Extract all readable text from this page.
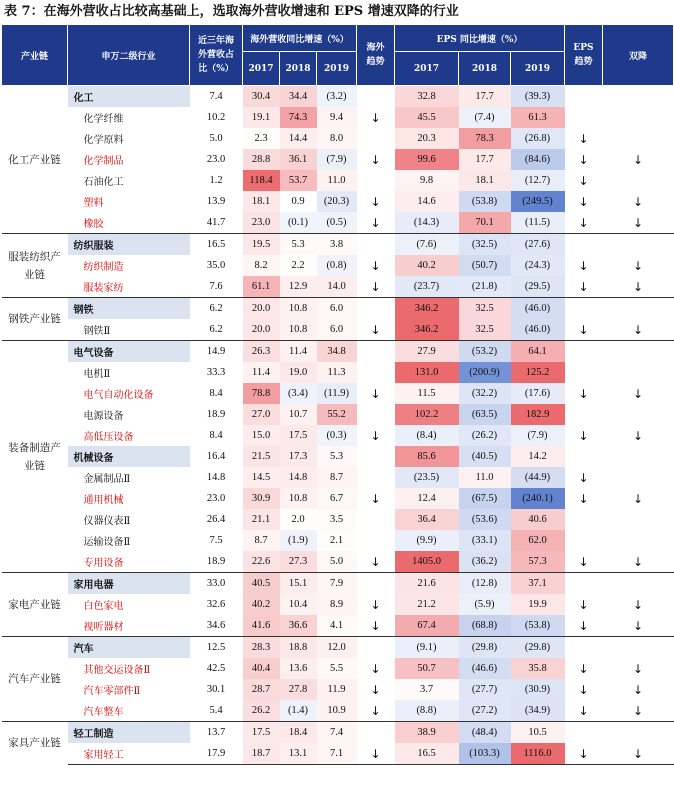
表 7：在海外营收占比较高基础上，选取海外营收增速和 EPS 增速双降的行业
产业链	申万二级行业	近三年海外营收占比（%）	海外营收同比增速（%）			海外趋势	EPS 同比增速（%）			EPS 趋势	双降
			2017	2018	2019		2017	2018	2019		
化工产业链	化工	7.4	30.4	34.4	(3.2)		32.8	17.7	(39.3)		
	化学纤维	10.2	19.1	74.3	9.4	↓	45.5	(7.4)	61.3		
	化学原料	5.0	2.3	14.4	8.0		20.3	78.3	(26.8)	↓	
	化学制品	23.0	28.8	36.1	(7.9)	↓	99.6	17.7	(84.6)	↓	↓
	石油化工	1.2	118.4	53.7	11.0		9.8	18.1	(12.7)	↓	
	塑料	13.9	18.1	0.9	(20.3)	↓	14.6	(53.8)	(249.5)	↓	↓
	橡胶	41.7	23.0	(0.1)	(0.5)	↓	(14.3)	70.1	(11.5)	↓	↓
服装纺织产业链	纺织服装	16.5	19.5	5.3	3.8		(7.6)	(32.5)	(27.6)		
	纺织制造	35.0	8.2	2.2	(0.8)	↓	40.2	(50.7)	(24.3)	↓	↓
	服装家纺	7.6	61.1	12.9	14.0	↓	(23.7)	(21.8)	(29.5)	↓	↓
钢铁产业链	钢铁	6.2	20.0	10.8	6.0		346.2	32.5	(46.0)		
	钢铁Ⅱ	6.2	20.0	10.8	6.0	↓	346.2	32.5	(46.0)	↓	↓
装备制造产业链	电气设备	14.9	26.3	11.4	34.8		27.9	(53.2)	64.1		
	电机Ⅱ	33.3	11.4	19.0	11.3		131.0	(200.9)	125.2		
	电气自动化设备	8.4	78.8	(3.4)	(11.9)	↓	11.5	(32.2)	(17.6)	↓	↓
	电源设备	18.9	27.0	10.7	55.2		102.2	(63.5)	182.9		
	高低压设备	8.4	15.0	17.5	(0.3)	↓	(8.4)	(26.2)	(7.9)	↓	↓
	机械设备	16.4	21.5	17.3	5.3		85.6	(40.5)	14.2		
	金属制品Ⅱ	14.8	14.5	14.8	8.7		(23.5)	11.0	(44.9)	↓	
	通用机械	23.0	30.9	10.8	6.7	↓	12.4	(67.5)	(240.1)	↓	↓
	仪器仪表Ⅱ	26.4	21.1	2.0	3.5		36.4	(53.6)	40.6		
	运输设备Ⅱ	7.5	8.7	(1.9)	2.1		(9.9)	(33.1)	62.0		
	专用设备	18.9	22.6	27.3	5.0	↓	1405.0	(36.2)	57.3	↓	↓
家电产业链	家用电器	33.0	40.5	15.1	7.9		21.6	(12.8)	37.1		
	白色家电	32.6	40.2	10.4	8.9	↓	21.2	(5.9)	19.9	↓	↓
	视听器材	34.6	41.6	36.6	4.1	↓	67.4	(68.8)	(53.8)	↓	↓
汽车产业链	汽车	12.5	28.3	18.8	12.0		(9.1)	(29.8)	(29.8)		
	其他交运设备Ⅱ	42.5	40.4	13.6	5.5	↓	50.7	(46.6)	35.8	↓	↓
	汽车零部件Ⅱ	30.1	28.7	27.8	11.9	↓	3.7	(27.7)	(30.9)	↓	↓
	汽车整车	5.4	26.2	(1.4)	10.9	↓	(8.8)	(27.2)	(34.9)	↓	↓
家具产业链	轻工制造	13.7	17.5	18.4	7.4		38.9	(48.4)	10.5		
	家用轻工	17.9	18.7	13.1	7.1	↓	16.5	(103.3)	1116.0	↓	↓
